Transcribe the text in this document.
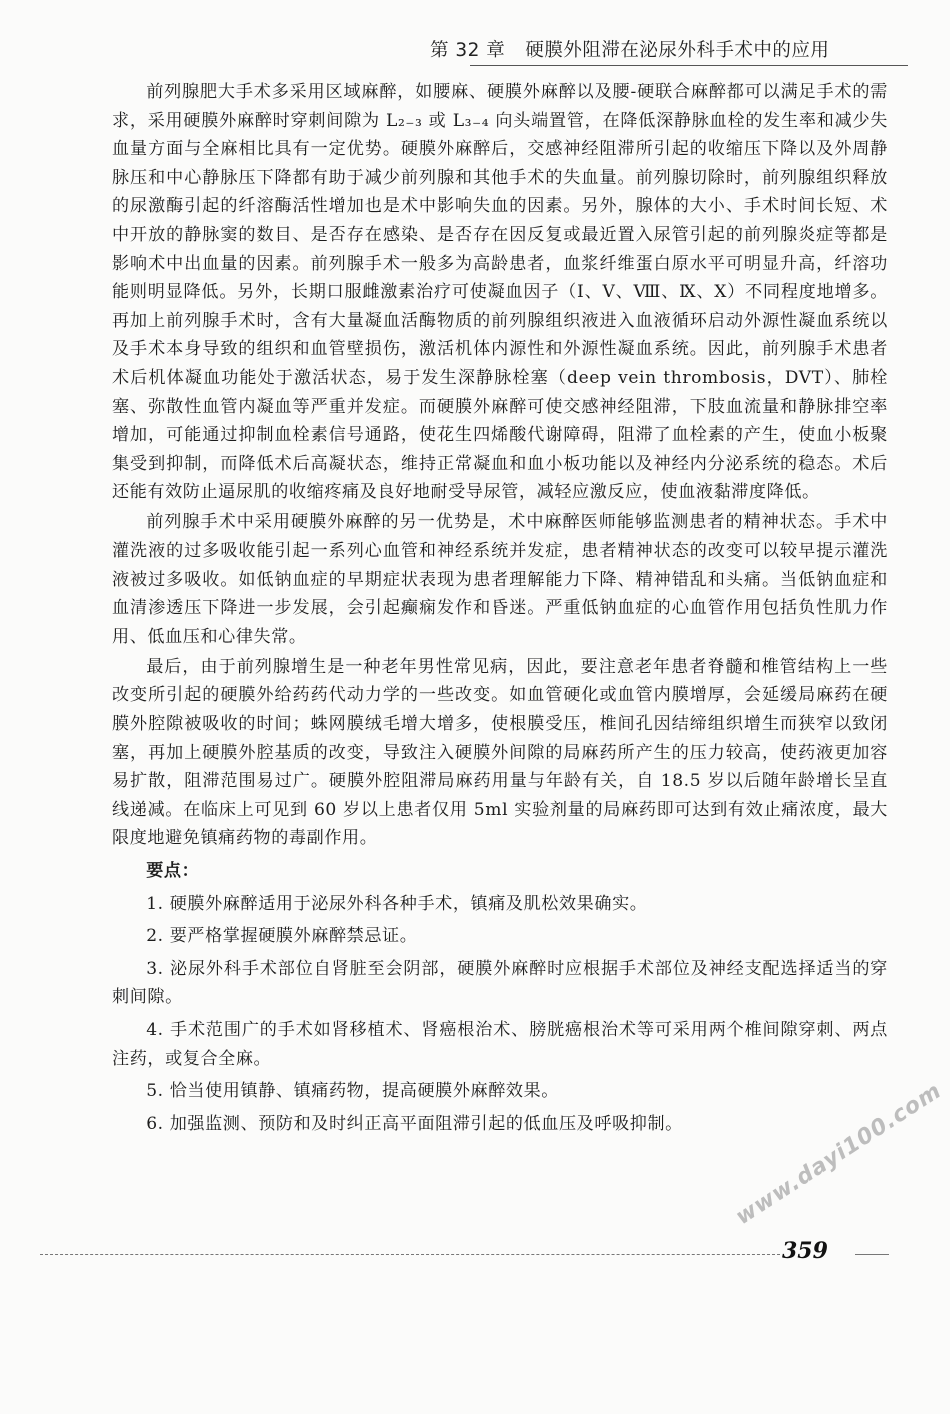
第 32 章 硬膜外阻滞在泌尿外科手术中的应用

前列腺肥大手术多采用区域麻醉，如腰麻、硬膜外麻醉以及腰-硬联合麻醉都可以满足手术的需求，采用硬膜外麻醉时穿刺间隙为 L₂₋₃ 或 L₃₋₄ 向头端置管，在降低深静脉血栓的发生率和减少失血量方面与全麻相比具有一定优势。硬膜外麻醉后，交感神经阻滞所引起的收缩压下降以及外周静脉压和中心静脉压下降都有助于减少前列腺和其他手术的失血量。前列腺切除时，前列腺组织释放的尿激酶引起的纤溶酶活性增加也是术中影响失血的因素。另外，腺体的大小、手术时间长短、术中开放的静脉窦的数目、是否存在感染、是否存在因反复或最近置入尿管引起的前列腺炎症等都是影响术中出血量的因素。前列腺手术一般多为高龄患者，血浆纤维蛋白原水平可明显升高，纤溶功能则明显降低。另外，长期口服雌激素治疗可使凝血因子（Ⅰ、Ⅴ、Ⅷ、Ⅸ、Ⅹ）不同程度地增多。再加上前列腺手术时，含有大量凝血活酶物质的前列腺组织液进入血液循环启动外源性凝血系统以及手术本身导致的组织和血管壁损伤，激活机体内源性和外源性凝血系统。因此，前列腺手术患者术后机体凝血功能处于激活状态，易于发生深静脉栓塞（deep vein thrombosis，DVT）、肺栓塞、弥散性血管内凝血等严重并发症。而硬膜外麻醉可使交感神经阻滞，下肢血流量和静脉排空率增加，可能通过抑制血栓素信号通路，使花生四烯酸代谢障碍，阻滞了血栓素的产生，使血小板聚集受到抑制，而降低术后高凝状态，维持正常凝血和血小板功能以及神经内分泌系统的稳态。术后还能有效防止逼尿肌的收缩疼痛及良好地耐受导尿管，减轻应激反应，使血液黏滞度降低。

前列腺手术中采用硬膜外麻醉的另一优势是，术中麻醉医师能够监测患者的精神状态。手术中灌洗液的过多吸收能引起一系列心血管和神经系统并发症，患者精神状态的改变可以较早提示灌洗液被过多吸收。如低钠血症的早期症状表现为患者理解能力下降、精神错乱和头痛。当低钠血症和血清渗透压下降进一步发展，会引起癫痫发作和昏迷。严重低钠血症的心血管作用包括负性肌力作用、低血压和心律失常。

最后，由于前列腺增生是一种老年男性常见病，因此，要注意老年患者脊髓和椎管结构上一些改变所引起的硬膜外给药药代动力学的一些改变。如血管硬化或血管内膜增厚，会延缓局麻药在硬膜外腔隙被吸收的时间；蛛网膜绒毛增大增多，使根膜受压，椎间孔因结缔组织增生而狭窄以致闭塞，再加上硬膜外腔基质的改变，导致注入硬膜外间隙的局麻药所产生的压力较高，使药液更加容易扩散，阻滞范围易过广。硬膜外腔阻滞局麻药用量与年龄有关，自 18.5 岁以后随年龄增长呈直线递减。在临床上可见到 60 岁以上患者仅用 5ml 实验剂量的局麻药即可达到有效止痛浓度，最大限度地避免镇痛药物的毒副作用。

要点：

1. 硬膜外麻醉适用于泌尿外科各种手术，镇痛及肌松效果确实。

2. 要严格掌握硬膜外麻醉禁忌证。

3. 泌尿外科手术部位自肾脏至会阴部，硬膜外麻醉时应根据手术部位及神经支配选择适当的穿刺间隙。

4. 手术范围广的手术如肾移植术、肾癌根治术、膀胱癌根治术等可采用两个椎间隙穿刺、两点注药，或复合全麻。

5. 恰当使用镇静、镇痛药物，提高硬膜外麻醉效果。

6. 加强监测、预防和及时纠正高平面阻滞引起的低血压及呼吸抑制。	www.dayi100.com
359
